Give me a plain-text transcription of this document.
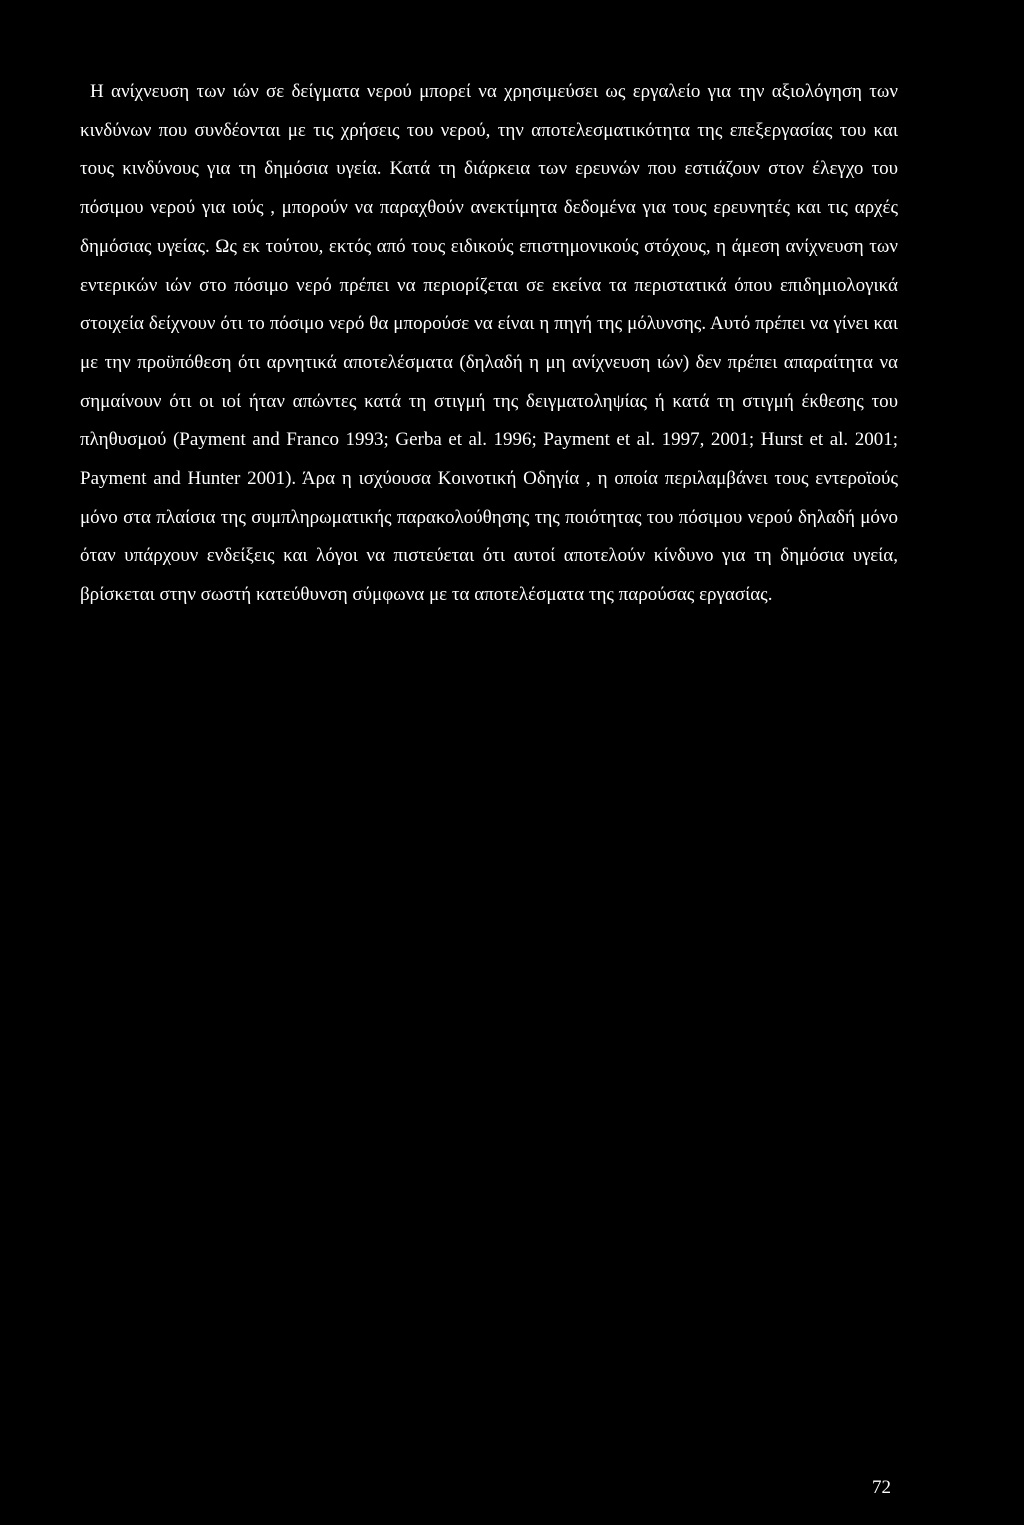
Η ανίχνευση των ιών σε δείγματα νερού μπορεί να χρησιμεύσει ως εργαλείο για την αξιολόγηση των κινδύνων που συνδέονται με τις χρήσεις του νερού, την αποτελεσματικότητα της επεξεργασίας του και τους κινδύνους για τη δημόσια υγεία. Κατά τη διάρκεια των ερευνών που εστιάζουν στον έλεγχο του πόσιμου νερού για ιούς , μπορούν να παραχθούν ανεκτίμητα δεδομένα για τους ερευνητές και τις αρχές δημόσιας υγείας. Ως εκ τούτου, εκτός από τους ειδικούς επιστημονικούς στόχους, η άμεση ανίχνευση των εντερικών ιών στο πόσιμο νερό πρέπει να περιορίζεται σε εκείνα τα περιστατικά όπου επιδημιολογικά στοιχεία δείχνουν ότι το πόσιμο νερό θα μπορούσε να είναι η πηγή της μόλυνσης. Αυτό πρέπει να γίνει και με την προϋπόθεση ότι αρνητικά αποτελέσματα (δηλαδή η μη ανίχνευση ιών) δεν πρέπει απαραίτητα να σημαίνουν ότι οι ιοί ήταν απώντες κατά τη στιγμή της δειγματοληψίας ή κατά τη στιγμή έκθεσης του πληθυσμού (Payment and Franco 1993; Gerba et al. 1996; Payment et al. 1997, 2001; Hurst et al. 2001; Payment and Hunter 2001). Άρα η ισχύουσα Κοινοτική Οδηγία , η οποία περιλαμβάνει τους εντεροϊούς μόνο στα πλαίσια της συμπληρωματικής παρακολούθησης της ποιότητας του πόσιμου νερού δηλαδή μόνο όταν υπάρχουν ενδείξεις και λόγοι να πιστεύεται ότι αυτοί αποτελούν κίνδυνο για τη δημόσια υγεία, βρίσκεται στην σωστή κατεύθυνση σύμφωνα με τα αποτελέσματα της παρούσας εργασίας.

72
